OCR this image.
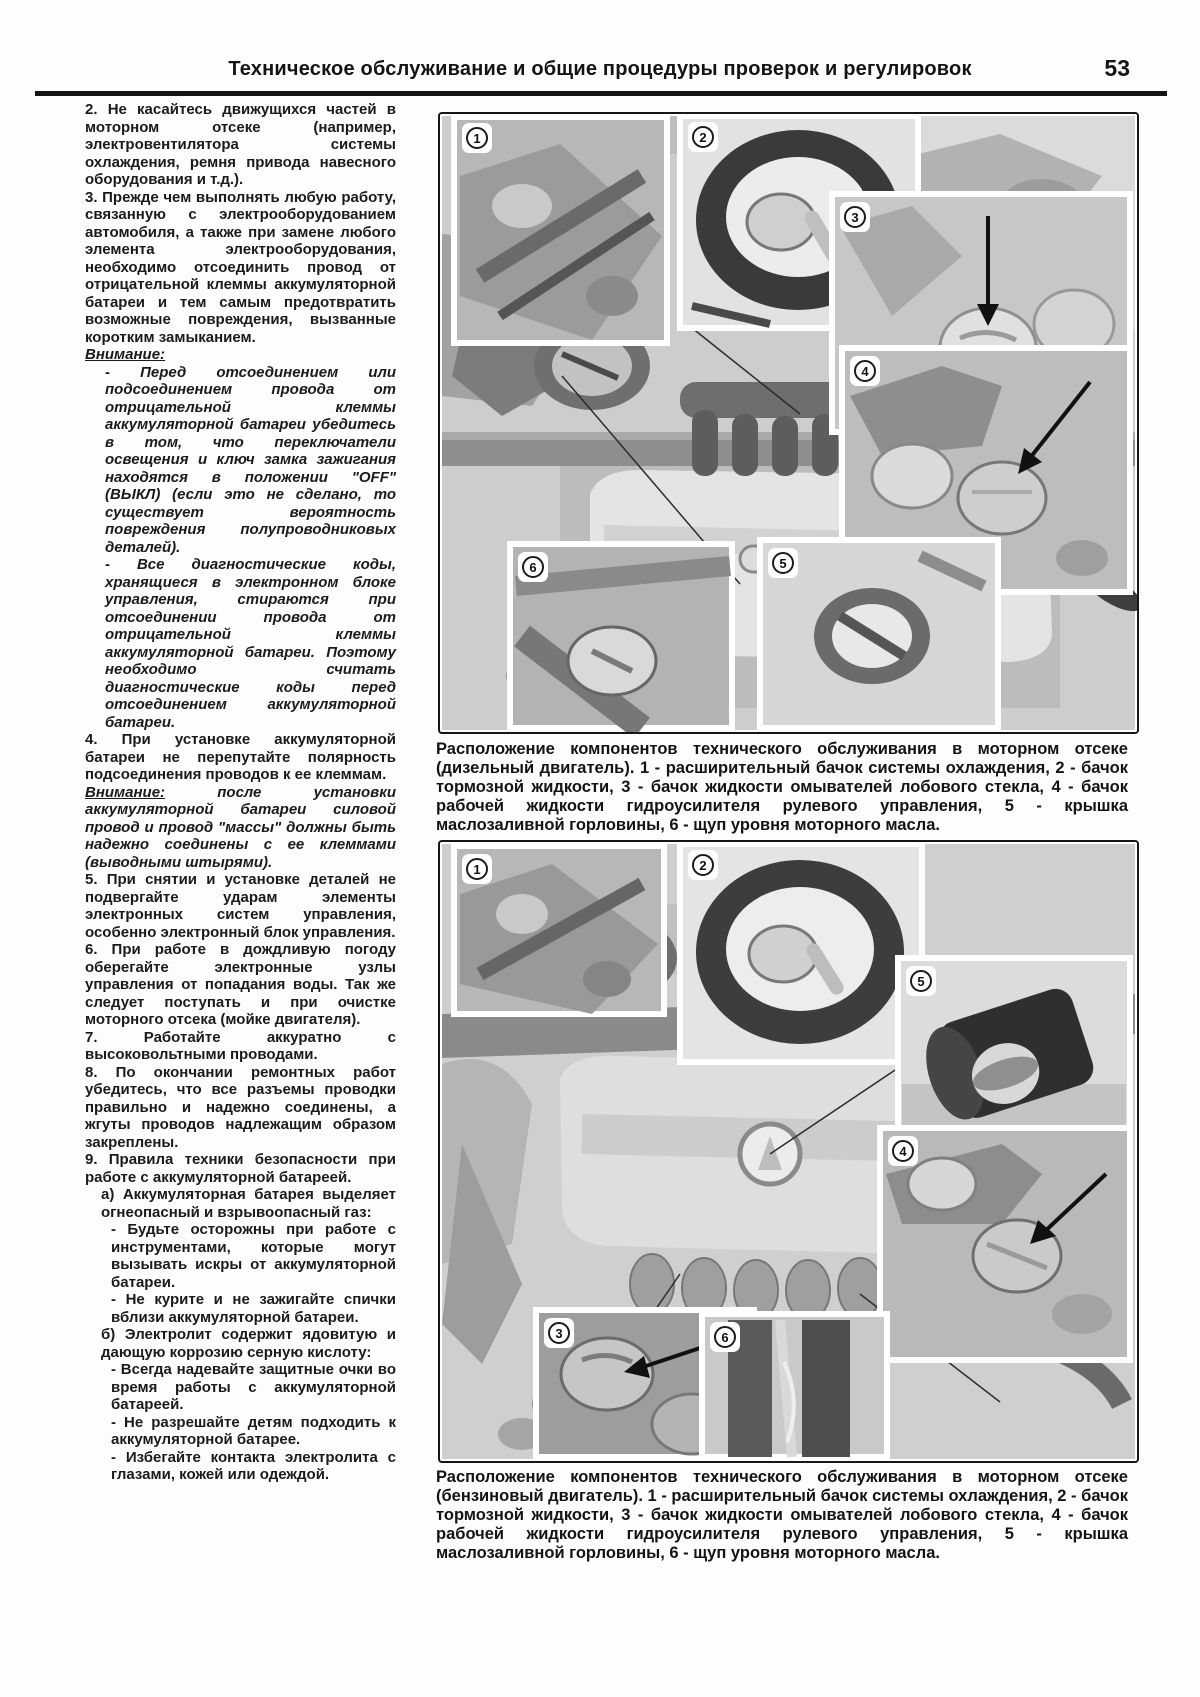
Техническое обслуживание и общие процедуры проверок и регулировок	53
2. Не касайтесь движущихся частей в моторном отсеке (например, электровентилятора системы охлаждения, ремня привода навесного оборудования и т.д.).
3. Прежде чем выполнять любую работу, связанную с электрооборудованием автомобиля, а также при замене любого элемента электрооборудования, необходимо отсоединить провод от отрицательной клеммы аккумуляторной батареи и тем самым предотвратить возможные повреждения, вызванные коротким замыканием.
Внимание:
- Перед отсоединением или подсоединением провода от отрицательной клеммы аккумуляторной батареи убедитесь в том, что переключатели освещения и ключ замка зажигания находятся в положении "OFF" (ВЫКЛ) (если это не сделано, то существует вероятность повреждения полупроводниковых деталей).
- Все диагностические коды, хранящиеся в электронном блоке управления, стираются при отсоединении провода от отрицательной клеммы аккумуляторной батареи. Поэтому необходимо считать диагностические коды перед отсоединением аккумуляторной батареи.
4. При установке аккумуляторной батареи не перепутайте полярность подсоединения проводов к ее клеммам.
Внимание: после установки аккумуляторной батареи силовой провод и провод "массы" должны быть надежно соединены с ее клеммами (выводными штырями).
5. При снятии и установке деталей не подвергайте ударам элементы электронных систем управления, особенно электронный блок управления.
6. При работе в дождливую погоду оберегайте электронные узлы управления от попадания воды. Так же следует поступать и при очистке моторного отсека (мойке двигателя).
7. Работайте аккуратно с высоковольтными проводами.
8. По окончании ремонтных работ убедитесь, что все разъемы проводки правильно и надежно соединены, а жгуты проводов надлежащим образом закреплены.
9. Правила техники безопасности при работе с аккумуляторной батареей.
а) Аккумуляторная батарея выделяет огнеопасный и взрывоопасный газ:
- Будьте осторожны при работе с инструментами, которые могут вызывать искры от аккумуляторной батареи.
- Не курите и не зажигайте спички вблизи аккумуляторной батареи.
б) Электролит содержит ядовитую и дающую коррозию серную кислоту:
- Всегда надевайте защитные очки во время работы с аккумуляторной батареей.
- Не разрешайте детям подходить к аккумуляторной батарее.
- Избегайте контакта электролита с глазами, кожей или одеждой.
1	2
3
4
6	5
Расположение компонентов технического обслуживания в моторном отсеке (дизельный двигатель). 1 - расширительный бачок системы охлаждения, 2 - бачок тормозной жидкости, 3 - бачок жидкости омывателей лобового стекла, 4 - бачок рабочей жидкости гидроусилителя рулевого управления, 5 - крышка маслозаливной горловины, 6 - щуп уровня моторного масла.
1	2
5
4
3	6
Расположение компонентов технического обслуживания в моторном отсеке (бензиновый двигатель). 1 - расширительный бачок системы охлаждения, 2 - бачок тормозной жидкости, 3 - бачок жидкости омывателей лобового стекла, 4 - бачок рабочей жидкости гидроусилителя рулевого управления, 5 - крышка маслозаливной горловины, 6 - щуп уровня моторного масла.
